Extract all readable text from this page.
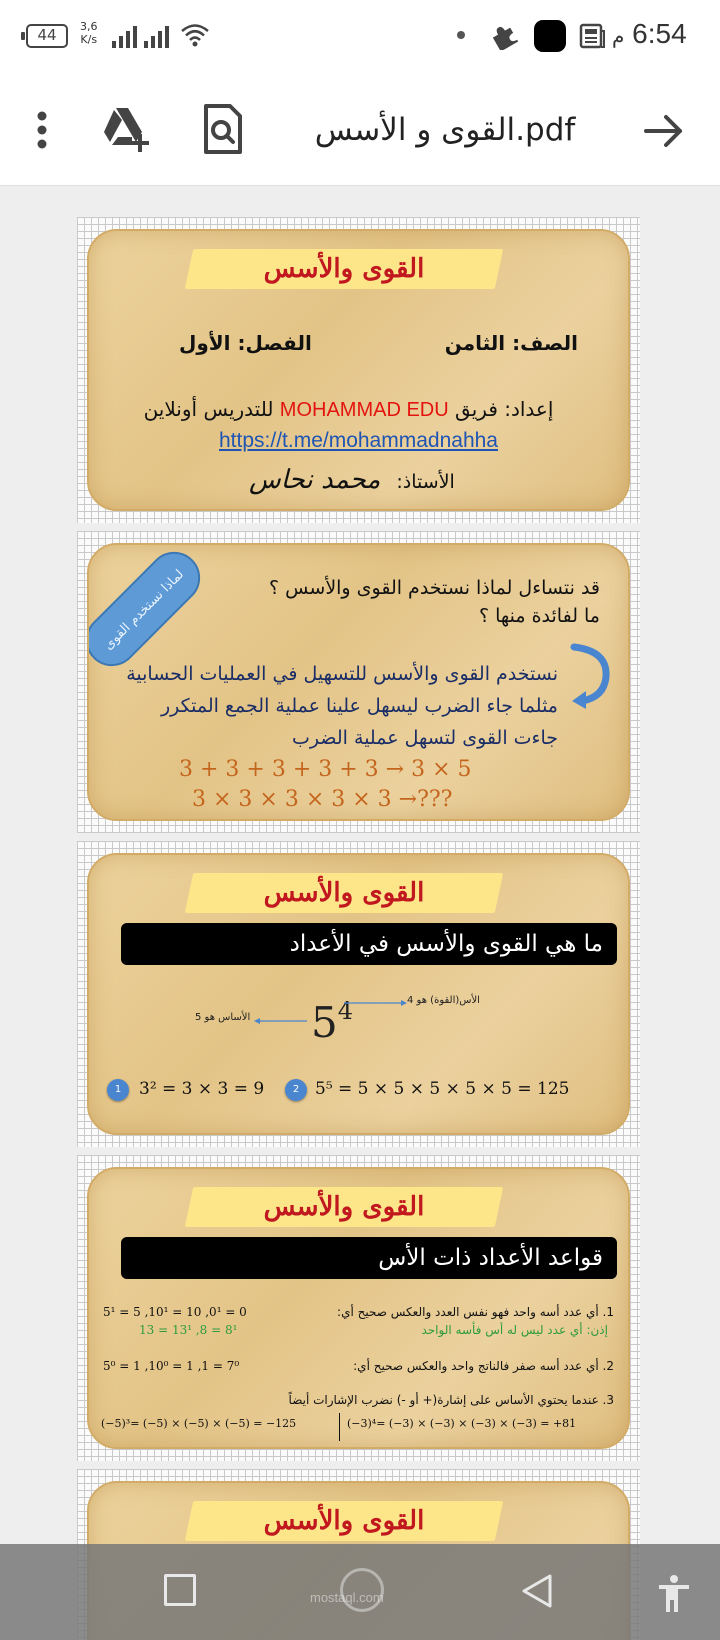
44	3,6
K/s	6:54 م
القوى و الأسس.pdf
القوى والأسس
الصف: الثامن
الفصل: الأول
إعداد: فريق MOHAMMAD EDU للتدريس أونلاين
https://t.me/mohammadnahha
الأستاذ: محمد نحاس
لماذا نستخدم القوى	قد نتساءل لماذا نستخدم القوى والأسس ؟
ما لفائدة منها ؟
نستخدم القوى والأسس للتسهيل في العمليات الحسابية
مثلما جاء الضرب ليسهل علينا عملية الجمع المتكرر
جاءت القوى لتسهل عملية الضرب
3 + 3 + 3 + 3 + 3 → 3 × 5
3 × 3 × 3 × 3 × 3 →???
القوى والأسس
ما هي القوى والأسس في الأعداد
$5^4$	الأس(القوة) هو 4
الأساس هو 5
1	3² = 3 × 3 = 9	2 5⁵ = 5 × 5 × 5 × 5 × 5 = 125
القوى والأسس
قواعد الأعداد ذات الأس
1. أي عدد أسه واحد فهو نفس العدد والعكس صحيح أي:
5¹ = 5 ,10¹ = 10 ,0¹ = 0
إذن: أي عدد ليس له أس فأسه الواحد
13 = 13¹ ,8 = 8¹
2. أي عدد أسه صفر فالناتج واحد والعكس صحيح أي:
5⁰ = 1 ,10⁰ = 1 ,1 = 7⁰
3. عندما يحتوي الأساس على إشارة(+ أو -) نضرب الإشارات أيضاً
(−5)³= (−5) × (−5) × (−5) = −125	(−3)⁴= (−3) × (−3) × (−3) × (−3) = +81
القوى والأسس
mostaql.com
